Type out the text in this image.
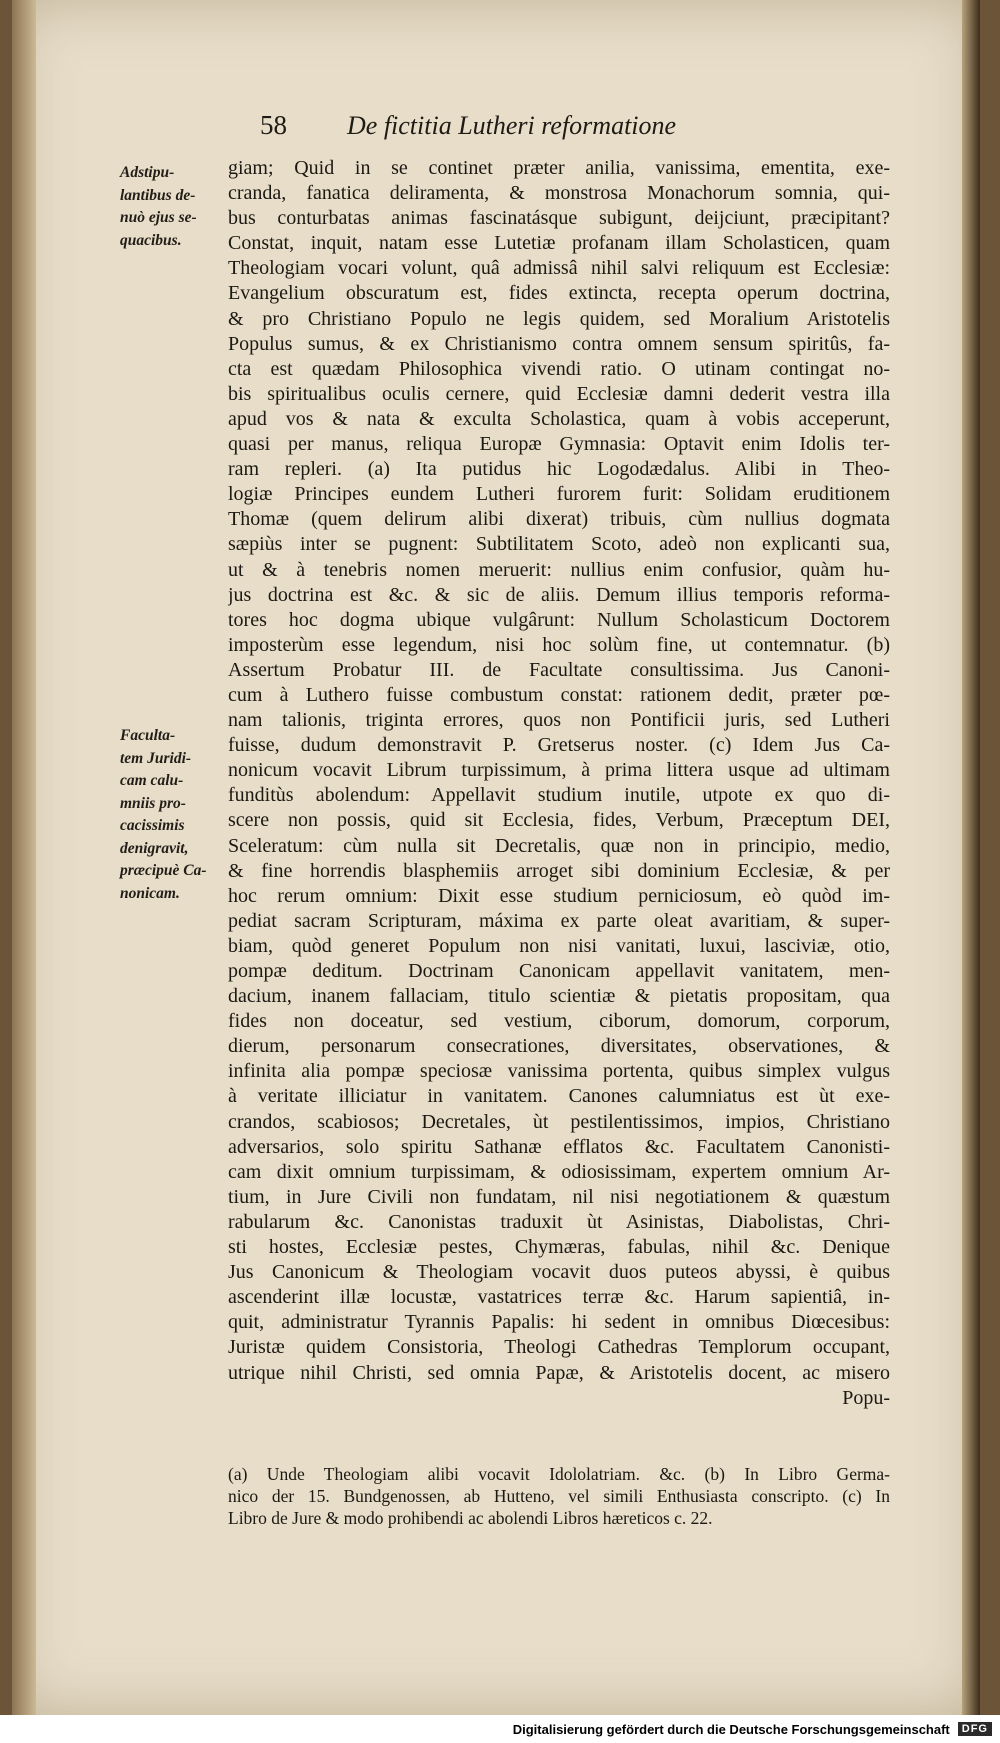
58 De fictitia Lutheri reformatione
Adstipu-
lantibus de-
nuò ejus se-
quacibus.
Faculta-
tem Juridi-
cam calu-
mniis pro-
cacissimis
denigravit,
præcipuè Ca-
nonicam.
giam; Quid in se continet præter anilia, vanissima, ementita, exe-
cranda, fanatica deliramenta, & monstrosa Monachorum somnia, qui-
bus conturbatas animas fascinatásque subigunt, deijciunt, præcipitant?
Constat, inquit, natam esse Lutetiæ profanam illam Scholasticen, quam
Theologiam vocari volunt, quâ admissâ nihil salvi reliquum est Ecclesiæ:
Evangelium obscuratum est, fides extincta, recepta operum doctrina,
& pro Christiano Populo ne legis quidem, sed Moralium Aristotelis
Populus sumus, & ex Christianismo contra omnem sensum spiritûs, fa-
cta est quædam Philosophica vivendi ratio. O utinam contingat no-
bis spiritualibus oculis cernere, quid Ecclesiæ damni dederit vestra illa
apud vos & nata & exculta Scholastica, quam à vobis acceperunt,
quasi per manus, reliqua Europæ Gymnasia: Optavit enim Idolis ter-
ram repleri. (a) Ita putidus hic Logodædalus. Alibi in Theo-
logiæ Principes eundem Lutheri furorem furit: Solidam eruditionem
Thomæ (quem delirum alibi dixerat) tribuis, cùm nullius dogmata
sæpiùs inter se pugnent: Subtilitatem Scoto, adeò non explicanti sua,
ut & à tenebris nomen meruerit: nullius enim confusior, quàm hu-
jus doctrina est &c. & sic de aliis. Demum illius temporis reforma-
tores hoc dogma ubique vulgârunt: Nullum Scholasticum Doctorem
imposterùm esse legendum, nisi hoc solùm fine, ut contemnatur. (b)
Assertum Probatur III. de Facultate consultissima. Jus Canoni-
cum à Luthero fuisse combustum constat: rationem dedit, præter pœ-
nam talionis, triginta errores, quos non Pontificii juris, sed Lutheri
fuisse, dudum demonstravit P. Gretserus noster. (c) Idem Jus Ca-
nonicum vocavit Librum turpissimum, à prima littera usque ad ultimam
funditùs abolendum: Appellavit studium inutile, utpote ex quo di-
scere non possis, quid sit Ecclesia, fides, Verbum, Præceptum DEI,
Sceleratum: cùm nulla sit Decretalis, quæ non in principio, medio,
& fine horrendis blasphemiis arroget sibi dominium Ecclesiæ, & per
hoc rerum omnium: Dixit esse studium perniciosum, eò quòd im-
pediat sacram Scripturam, máxima ex parte oleat avaritiam, & super-
biam, quòd generet Populum non nisi vanitati, luxui, lasciviæ, otio,
pompæ deditum. Doctrinam Canonicam appellavit vanitatem, men-
dacium, inanem fallaciam, titulo scientiæ & pietatis propositam, qua
fides non doceatur, sed vestium, ciborum, domorum, corporum,
dierum, personarum consecrationes, diversitates, observationes, &
infinita alia pompæ speciosæ vanissima portenta, quibus simplex vulgus
à veritate illiciatur in vanitatem. Canones calumniatus est ùt exe-
crandos, scabiosos; Decretales, ùt pestilentissimos, impios, Christiano
adversarios, solo spiritu Sathanæ efflatos &c. Facultatem Canonisti-
cam dixit omnium turpissimam, & odiosissimam, expertem omnium Ar-
tium, in Jure Civili non fundatam, nil nisi negotiationem & quæstum
rabularum &c. Canonistas traduxit ùt Asinistas, Diabolistas, Chri-
sti hostes, Ecclesiæ pestes, Chymæras, fabulas, nihil &c. Denique
Jus Canonicum & Theologiam vocavit duos puteos abyssi, è quibus
ascenderint illæ locustæ, vastatrices terræ &c. Harum sapientiâ, in-
quit, administratur Tyrannis Papalis: hi sedent in omnibus Diœcesibus:
Juristæ quidem Consistoria, Theologi Cathedras Templorum occupant,
utrique nihil Christi, sed omnia Papæ, & Aristotelis docent, ac misero
Popu-
(a) Unde Theologiam alibi vocavit Idololatriam. &c. (b) In Libro Germa-
nico der 15. Bundgenossen, ab Hutteno, vel simili Enthusiasta conscripto. (c) In
Libro de Jure & modo prohibendi ac abolendi Libros hæreticos c. 22.
Digitalisierung gefördert durch die Deutsche Forschungsgemeinschaft	DFG
